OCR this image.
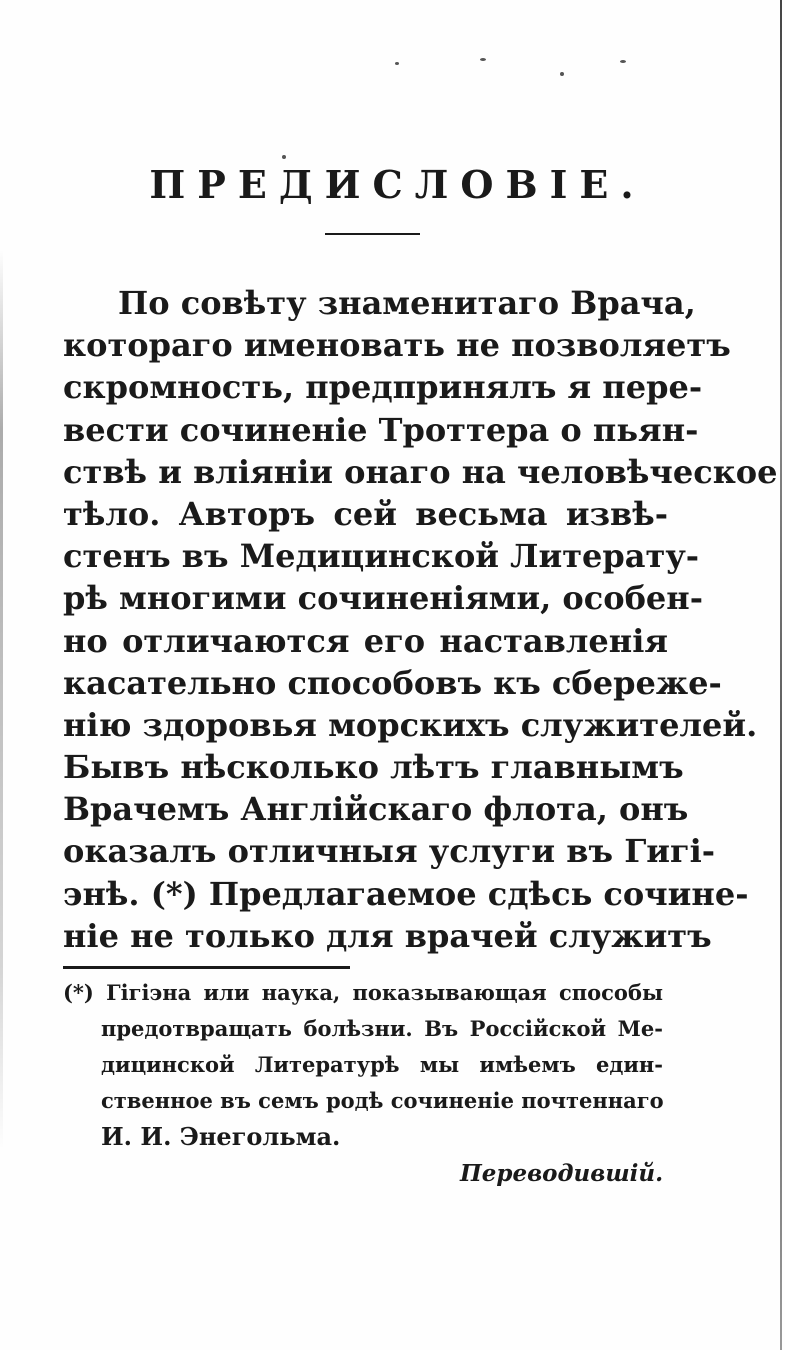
ПРЕДИСЛОВІЕ.
По совѣту знаменитаго Врача,
котораго именовать не позволяетъ
скромность, предпринялъ я пере-
вести сочиненіе Троттера о пьян-
ствѣ и вліяніи онаго на человѣческое
тѣло. Авторъ сей весьма извѣ-
стенъ въ Медицинской Литерату-
рѣ многими сочиненіями, особен-
но отличаются его наставленія
касательно способовъ къ сбереже-
нію здоровья морскихъ служителей.
Бывъ нѣсколько лѣтъ главнымъ
Врачемъ Англійскаго флота, онъ
оказалъ отличныя услуги въ Гигі-
энѣ. (*) Предлагаемое сдѣсь сочине-
ніе не только для врачей служитъ
(*) Гігіэна или наука, показывающая способы
предотвращать болѣзни. Въ Россійской Ме-
дицинской Литературѣ мы имѣемъ един-
ственное въ семъ родѣ сочиненіе почтеннаго
И. И. Энегольма.
Переводившій.
